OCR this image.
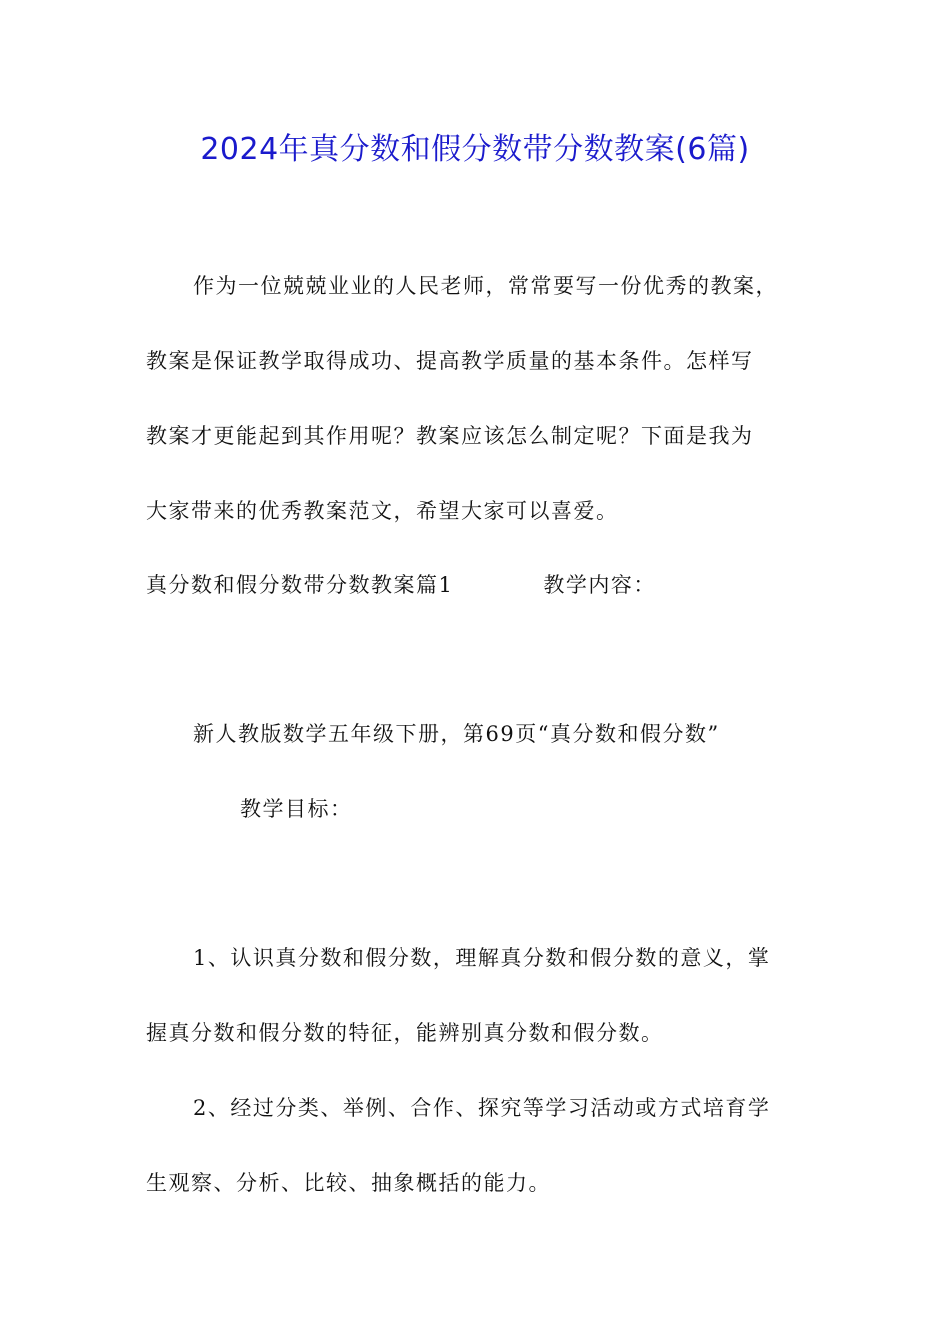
2024年真分数和假分数带分数教案(6篇)
作为一位兢兢业业的人民老师，常常要写一份优秀的教案，
教案是保证教学取得成功、提高教学质量的基本条件。怎样写
教案才更能起到其作用呢？教案应该怎么制定呢？下面是我为
大家带来的优秀教案范文，希望大家可以喜爱。
真分数和假分数带分数教案篇1	教学内容：
新人教版数学五年级下册，第69页“真分数和假分数”
教学目标：
1、认识真分数和假分数，理解真分数和假分数的意义，掌
握真分数和假分数的特征，能辨别真分数和假分数。
2、经过分类、举例、合作、探究等学习活动或方式培育学
生观察、分析、比较、抽象概括的能力。
